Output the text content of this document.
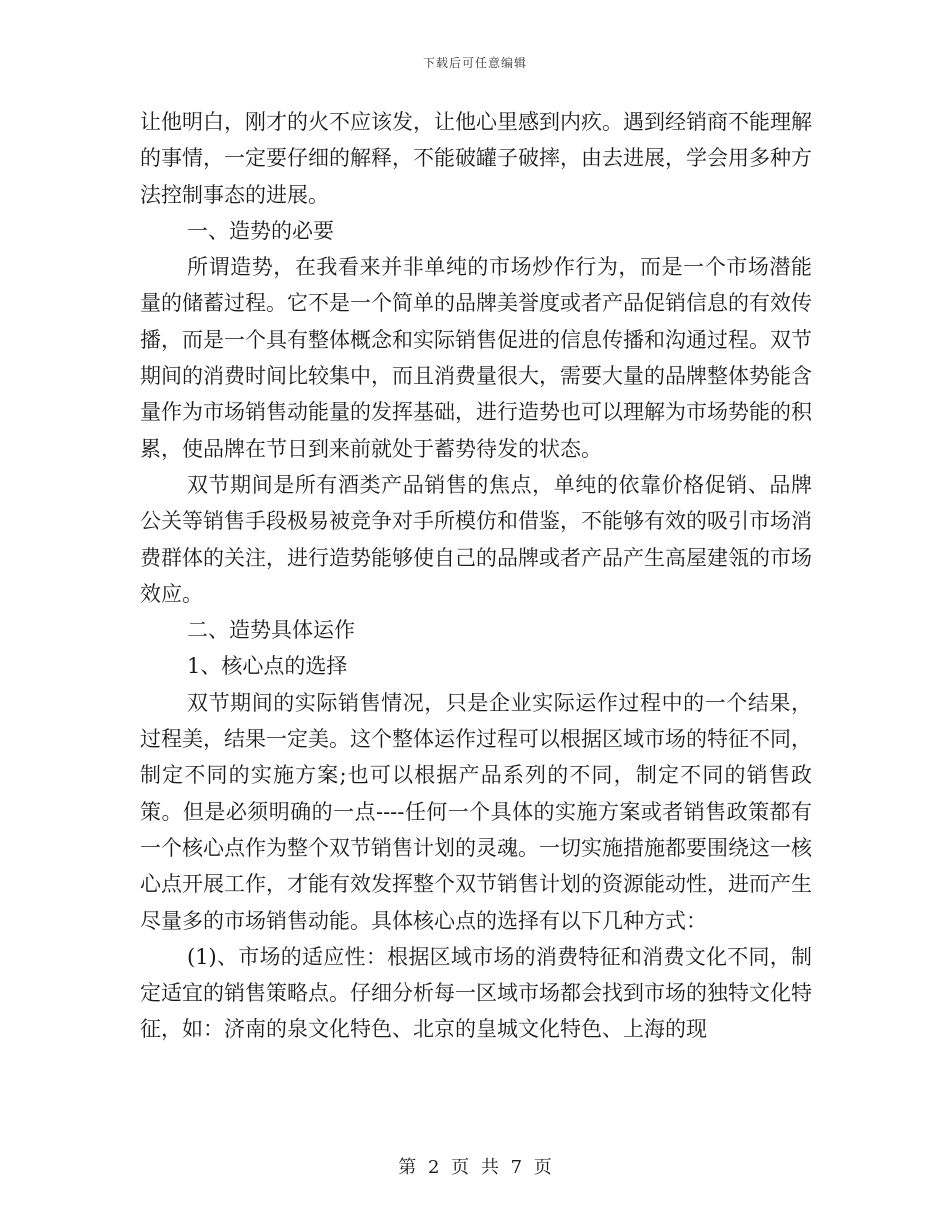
下载后可任意编辑

让他明白，刚才的火不应该发，让他心里感到内疚。遇到经销商不能理解的事情，一定要仔细的解释，不能破罐子破摔，由去进展，学会用多种方法控制事态的进展。

一、造势的必要

所谓造势，在我看来并非单纯的市场炒作行为，而是一个市场潜能量的储蓄过程。它不是一个简单的品牌美誉度或者产品促销信息的有效传播，而是一个具有整体概念和实际销售促进的信息传播和沟通过程。双节期间的消费时间比较集中，而且消费量很大，需要大量的品牌整体势能含量作为市场销售动能量的发挥基础，进行造势也可以理解为市场势能的积累，使品牌在节日到来前就处于蓄势待发的状态。

双节期间是所有酒类产品销售的焦点，单纯的依靠价格促销、品牌公关等销售手段极易被竞争对手所模仿和借鉴，不能够有效的吸引市场消费群体的关注，进行造势能够使自己的品牌或者产品产生高屋建瓴的市场效应。

二、造势具体运作

1、核心点的选择

双节期间的实际销售情况，只是企业实际运作过程中的一个结果，过程美，结果一定美。这个整体运作过程可以根据区域市场的特征不同，制定不同的实施方案;也可以根据产品系列的不同，制定不同的销售政策。但是必须明确的一点----任何一个具体的实施方案或者销售政策都有一个核心点作为整个双节销售计划的灵魂。一切实施措施都要围绕这一核心点开展工作，才能有效发挥整个双节销售计划的资源能动性，进而产生尽量多的市场销售动能。具体核心点的选择有以下几种方式：

(1)、市场的适应性：根据区域市场的消费特征和消费文化不同，制定适宜的销售策略点。仔细分析每一区域市场都会找到市场的独特文化特征，如：济南的泉文化特色、北京的皇城文化特色、上海的现

第 2 页 共 7 页
